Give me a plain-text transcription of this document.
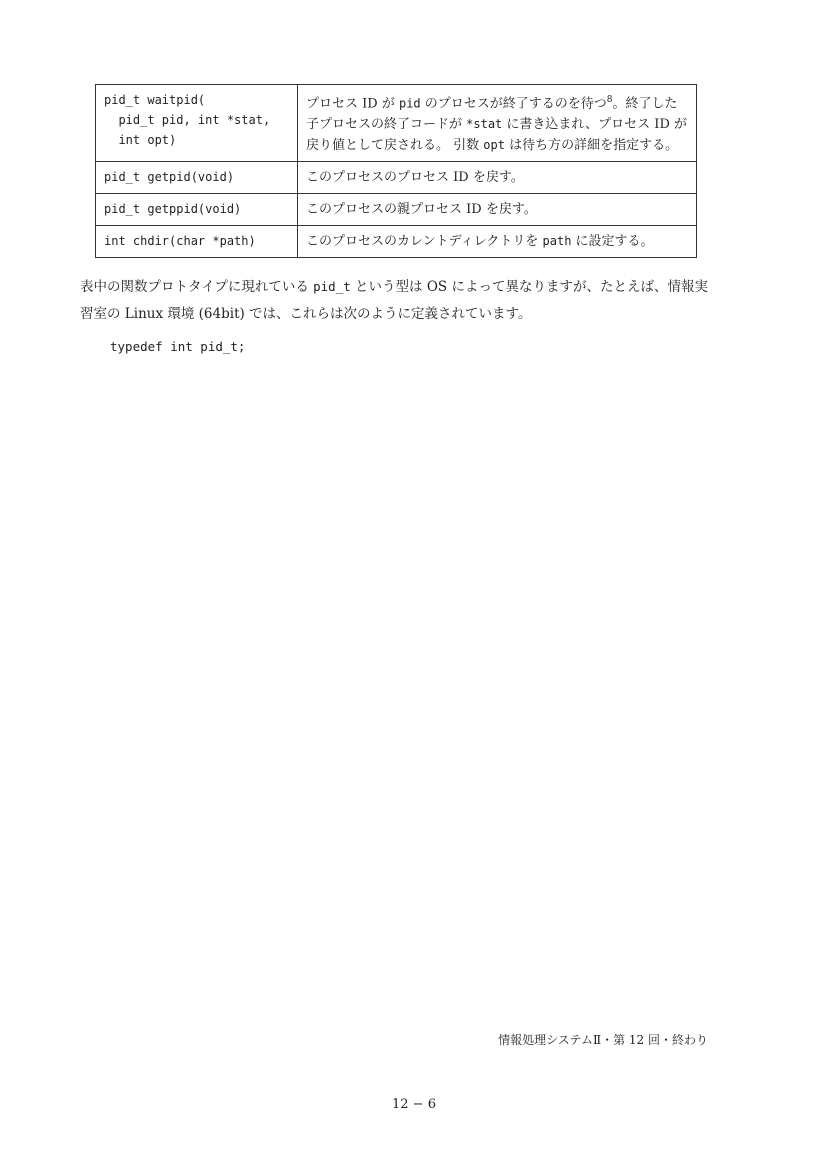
pid_t waitpid(
pid_t pid, int *stat,
int opt)	プロセス ID が pid のプロセスが終了するのを待つ$^8$。終了した子プロセスの終了コードが *stat に書き込まれ、プロセス ID が戻り値として戻される。 引数 opt は待ち方の詳細を指定する。
pid_t getpid(void)	このプロセスのプロセス ID を戻す。
pid_t getppid(void)	このプロセスの親プロセス ID を戻す。
int chdir(char *path)	このプロセスのカレントディレクトリを path に設定する。
表中の関数プロトタイプに現れている pid_t という型は OS によって異なりますが、たとえば、情報実習室の Linux 環境 (64bit) では、これらは次のように定義されています。
typedef int pid_t;
情報処理システムⅡ・第 12 回・終わり
12 − 6
